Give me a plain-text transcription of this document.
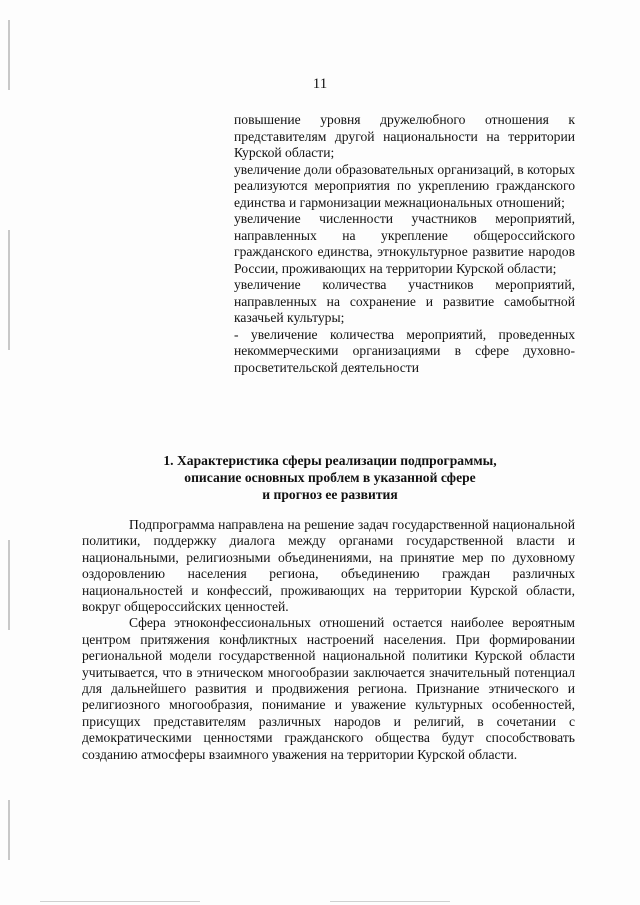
11

повышение уровня дружелюбного отношения к представителям другой национальности на территории Курской области;

увеличение доли образовательных организаций, в которых реализуются мероприятия по укреплению гражданского единства и гармонизации межнациональных отношений;

увеличение численности участников мероприятий, направленных на укрепление общероссийского гражданского единства, этнокультурное развитие народов России, проживающих на территории Курской области;

увеличение количества участников мероприятий, направленных на сохранение и развитие самобытной казачьей культуры;

- увеличение количества мероприятий, проведенных некоммерческими организациями в сфере духовно-просветительской деятельности

1. Характеристика сферы реализации подпрограммы,
описание основных проблем в указанной сфере
и прогноз ее развития

Подпрограмма направлена на решение задач государственной национальной политики, поддержку диалога между органами государственной власти и национальными, религиозными объединениями, на принятие мер по духовному оздоровлению населения региона, объединению граждан различных национальностей и конфессий, проживающих на территории Курской области, вокруг общероссийских ценностей.

Сфера этноконфессиональных отношений остается наиболее вероятным центром притяжения конфликтных настроений населения. При формировании региональной модели государственной национальной политики Курской области учитывается, что в этническом многообразии заключается значительный потенциал для дальнейшего развития и продвижения региона. Признание этнического и религиозного многообразия, понимание и уважение культурных особенностей, присущих представителям различных народов и религий, в сочетании с демократическими ценностями гражданского общества будут способствовать созданию атмосферы взаимного уважения на территории Курской области.
